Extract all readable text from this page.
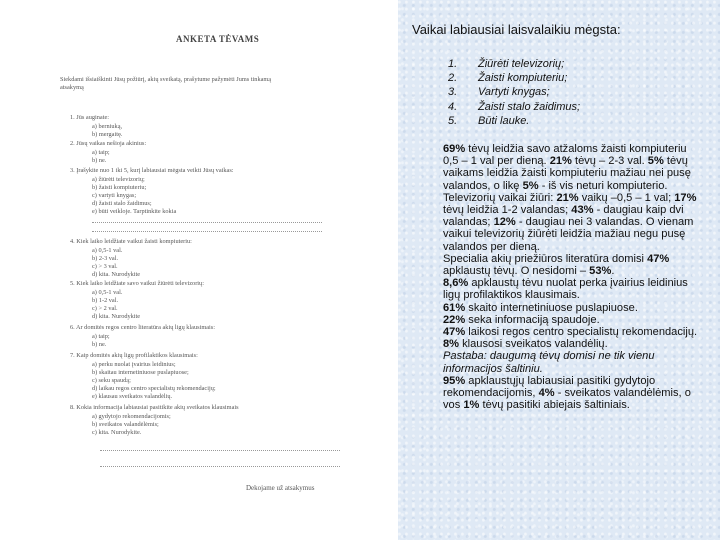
ANKETA TĖVAMS
Siekdami išsiaiškinti Jūsų požiūrį, akių sveikatą, prašytume pažymėti Jums tinkamą
atsakymą
1. Jūs auginate:
a) berniuką,
b) mergaitę.
2. Jūsų vaikas nešioja akinius:
a) taip;
b) ne.
3. Įrašykite nuo 1 iki 5, kurį labiausiai mėgsta veikti Jūsų vaikas:
a) žiūrėti televizorių;
b) žaisti kompiuteriu;
c) vartyti knygas;
d) žaisti stalo žaidimus;
e) būti veikloje. Tarptinkite kokia
4. Kiek laiko leidžiate vaikui žaisti kompiuteriu:
a) 0,5-1 val.
b) 2-3 val.
c) > 3 val.
d) kita. Nurodykite
5. Kiek laiko leidžiate savo vaikui žiūrėti televizorių:
a) 0,5-1 val.
b) 1-2 val.
c) > 2 val.
d) kita. Nurodykite
6. Ar domitės regos centro literatūra akių ligų klausimais:
a) taip;
b) ne.
7. Kaip domitės akių ligų profilaktikos klausimais:
a) perku nuolat įvairius leidinius;
b) skaitau internetiniuose puslapiuose;
c) seku spaudą;
d) laikau regos centro specialistų rekomendacijų;
e) klausau sveikatos valandėlių.
8. Kokia informacija labiausiai pasitikite akių sveikatos klausimais
a) gydytojo rekomendacijomis;
b) sveikatos valandėlėmis;
c) kita. Nurodykite.
Dekojame už atsakymus
Vaikai labiausiai laisvalaikiu mėgsta:
1.	Žiūrėti televizorių;
2.	Žaisti kompiuteriu;
3.	Vartyti knygas;
4.	Žaisti stalo žaidimus;
5.	Būti lauke.

69% tėvų leidžia savo atžaloms žaisti kompiuteriu 0,5 – 1 val per dieną. 21% tėvų – 2-3 val. 5% tėvų vaikams leidžia žaisti kompiuteriu mažiau nei pusę valandos, o likę 5% - iš vis neturi kompiuterio.

Televizorių vaikai žiūri: 21% vaikų –0,5 – 1 val; 17% tėvų leidžia 1-2 valandas; 43% - daugiau kaip dvi valandas; 12% - daugiau nei 3 valandas. O vienam vaikui televizorių žiūrėti leidžia mažiau negu pusę valandos per dieną.

Specialia akių priežiūros literatūra domisi 47% apklaustų tėvų. O nesidomi – 53%.

8,6% apklaustų tėvu nuolat perka įvairius leidinius ligų profilaktikos klausimais.

61% skaito internetiniuose puslapiuose.

22% seka informaciją spaudoje.

47% laikosi regos centro specialistų rekomendacijų.

8% klausosi sveikatos valandėlių.

Pastaba: daugumą tėvų domisi ne tik vienu informacijos šaltiniu.

95% apklaustųjų labiausiai pasitiki gydytojo rekomendacijomis, 4% - sveikatos valandėlėmis, o vos 1% tėvų pasitiki abiejais šaltiniais.
